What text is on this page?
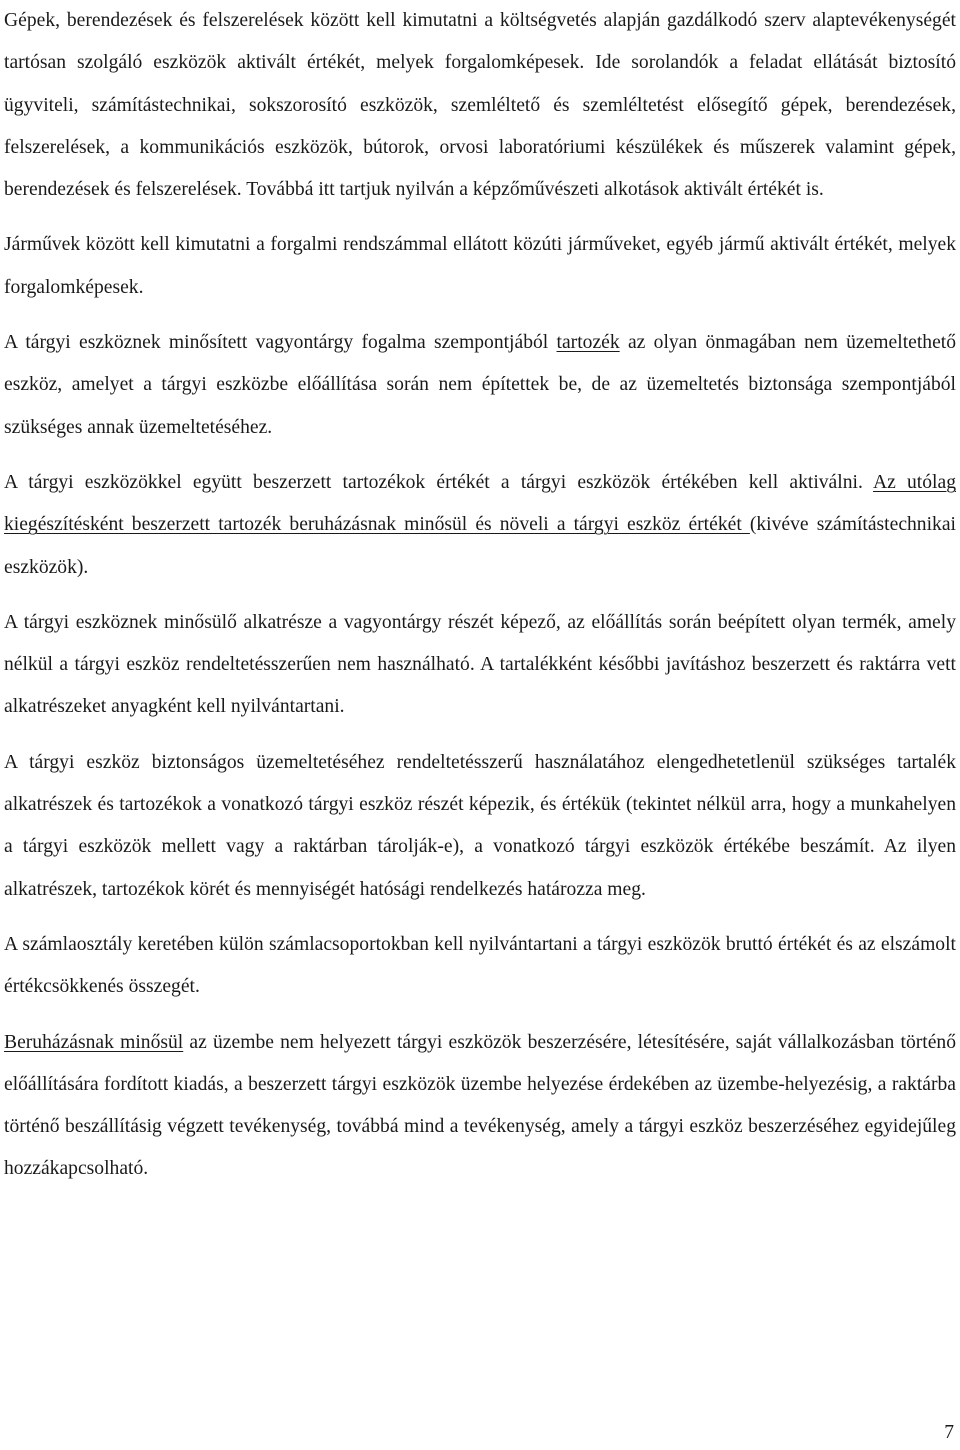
Gépek, berendezések és felszerelések között kell kimutatni a költségvetés alapján gazdálkodó szerv alaptevékenységét tartósan szolgáló eszközök aktivált értékét, melyek forgalomképesek. Ide sorolandók a feladat ellátását biztosító ügyviteli, számítástechnikai, sokszorosító eszközök, szemléltető és szemléltetést elősegítő gépek, berendezések, felszerelések, a kommunikációs eszközök, bútorok, orvosi laboratóriumi készülékek és műszerek valamint gépek, berendezések és felszerelések. Továbbá itt tartjuk nyilván a képzőművészeti alkotások aktivált értékét is.

Járművek között kell kimutatni a forgalmi rendszámmal ellátott közúti járműveket, egyéb jármű aktivált értékét, melyek forgalomképesek.

A tárgyi eszköznek minősített vagyontárgy fogalma szempontjából tartozék az olyan önmagában nem üzemeltethető eszköz, amelyet a tárgyi eszközbe előállítása során nem építettek be, de az üzemeltetés biztonsága szempontjából szükséges annak üzemeltetéséhez.

A tárgyi eszközökkel együtt beszerzett tartozékok értékét a tárgyi eszközök értékében kell aktiválni. Az utólag kiegészítésként beszerzett tartozék beruházásnak minősül és növeli a tárgyi eszköz értékét (kivéve számítástechnikai eszközök).

A tárgyi eszköznek minősülő alkatrésze a vagyontárgy részét képező, az előállítás során beépített olyan termék, amely nélkül a tárgyi eszköz rendeltetésszerűen nem használható. A tartalékként későbbi javításhoz beszerzett és raktárra vett alkatrészeket anyagként kell nyilvántartani.

A tárgyi eszköz biztonságos üzemeltetéséhez rendeltetésszerű használatához elengedhetetlenül szükséges tartalék alkatrészek és tartozékok a vonatkozó tárgyi eszköz részét képezik, és értékük (tekintet nélkül arra, hogy a munkahelyen a tárgyi eszközök mellett vagy a raktárban tárolják-e), a vonatkozó tárgyi eszközök értékébe beszámít. Az ilyen alkatrészek, tartozékok körét és mennyiségét hatósági rendelkezés határozza meg.

A számlaosztály keretében külön számlacsoportokban kell nyilvántartani a tárgyi eszközök bruttó értékét és az elszámolt értékcsökkenés összegét.

Beruházásnak minősül az üzembe nem helyezett tárgyi eszközök beszerzésére, létesítésére, saját vállalkozásban történő előállítására fordított kiadás, a beszerzett tárgyi eszközök üzembe helyezése érdekében az üzembe-helyezésig, a raktárba történő beszállításig végzett tevékenység, továbbá mind a tevékenység, amely a tárgyi eszköz beszerzéséhez egyidejűleg hozzákapcsolható.

7
